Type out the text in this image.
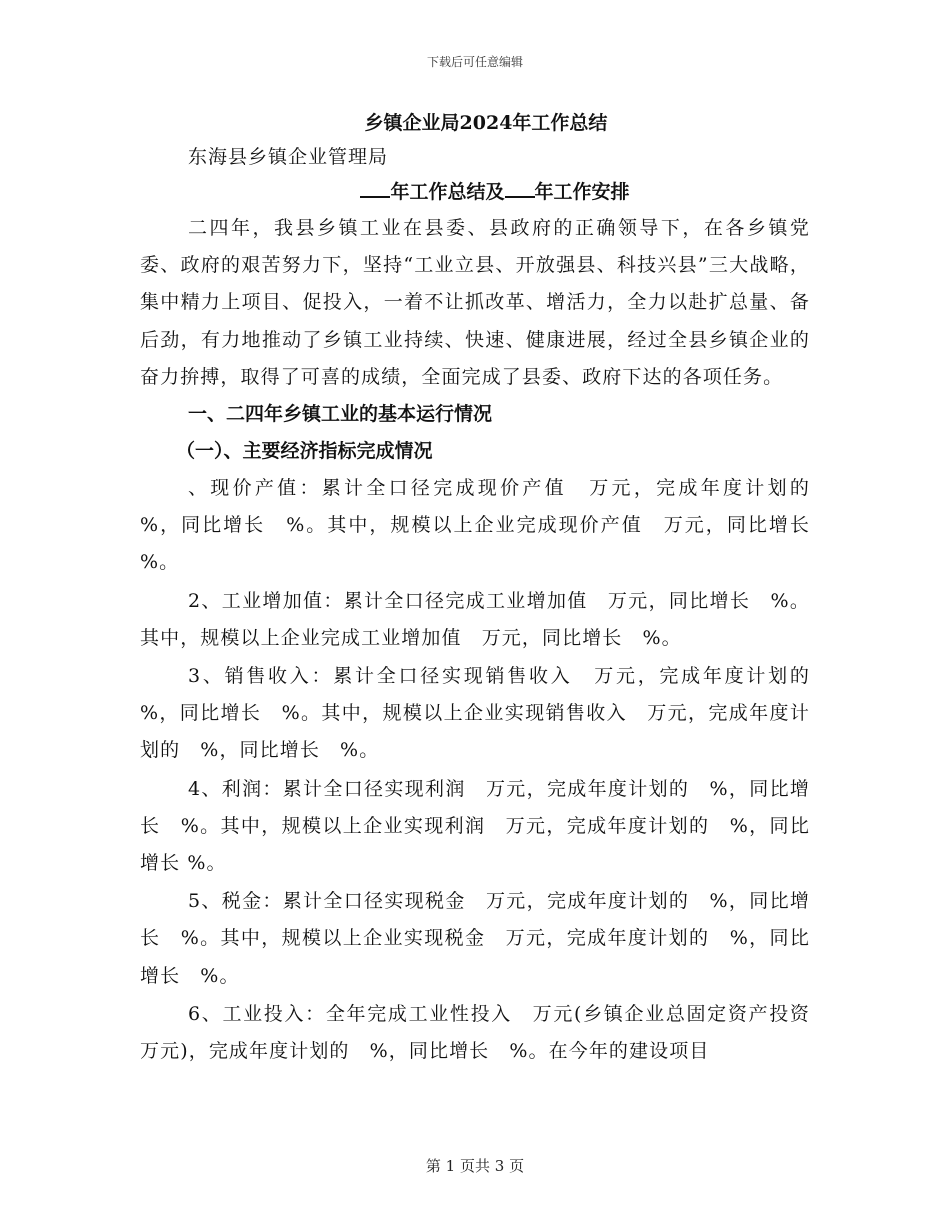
下载后可任意编辑
乡镇企业局2024年工作总结
东海县乡镇企业管理局
年工作总结及 年工作安排

二四年，我县乡镇工业在县委、县政府的正确领导下，在各乡镇党委、政府的艰苦努力下，坚持“工业立县、开放强县、科技兴县”三大战略，集中精力上项目、促投入，一着不让抓改革、增活力，全力以赴扩总量、备后劲，有力地推动了乡镇工业持续、快速、健康进展，经过全县乡镇企业的奋力拚搏，取得了可喜的成绩，全面完成了县委、政府下达的各项任务。

一、二四年乡镇工业的基本运行情况
（一）、主要经济指标完成情况

、现价产值：累计全口径完成现价产值　万元，完成年度计划的　%，同比增长　%。其中，规模以上企业完成现价产值　万元，同比增长　%。

2、工业增加值：累计全口径完成工业增加值　万元，同比增长　%。其中，规模以上企业完成工业增加值　万元，同比增长　%。

3、销售收入：累计全口径实现销售收入　万元，完成年度计划的　%，同比增长　%。其中，规模以上企业实现销售收入　万元，完成年度计划的　%，同比增长　%。

4、利润：累计全口径实现利润　万元，完成年度计划的　%，同比增长　%。其中，规模以上企业实现利润　万元，完成年度计划的　%，同比增长 %。

5、税金：累计全口径实现税金　万元，完成年度计划的　%，同比增长　%。其中，规模以上企业实现税金　万元，完成年度计划的　%，同比增长　%。

6、工业投入：全年完成工业性投入　万元(乡镇企业总固定资产投资　万元)，完成年度计划的　%，同比增长　%。在今年的建设项目

第 1 页共 3 页
